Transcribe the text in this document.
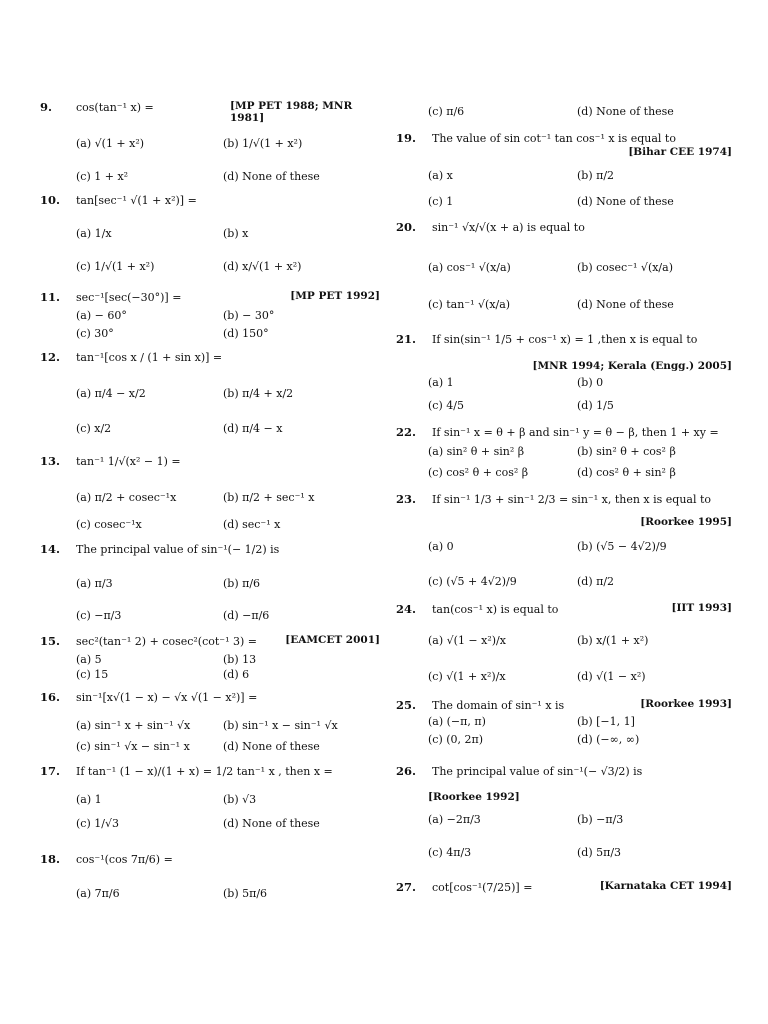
9. cos(tan⁻¹ x) =	[MP PET 1988; MNR 1981]
(a) √(1 + x²)	(b) 1/√(1 + x²)
(c) 1 + x²	(d) None of these
10. tan[sec⁻¹ √(1 + x²)] =
(a) 1/x	(b) x
(c) 1/√(1 + x²)	(d) x/√(1 + x²)
11. sec⁻¹[sec(−30°)] =	[MP PET 1992]
(a) − 60°	(b) − 30°
(c) 30°	(d) 150°
12. tan⁻¹[cos x / (1 + sin x)] =
(a) π/4 − x/2	(b) π/4 + x/2
(c) x/2	(d) π/4 − x
13. tan⁻¹ 1/√(x² − 1) =
(a) π/2 + cosec⁻¹x	(b) π/2 + sec⁻¹ x
(c) cosec⁻¹x	(d) sec⁻¹ x
14. The principal value of sin⁻¹(− 1/2) is
(a) π/3	(b) π/6
(c) −π/3	(d) −π/6
15. sec²(tan⁻¹ 2) + cosec²(cot⁻¹ 3) =	[EAMCET 2001]
(a) 5	(b) 13
(c) 15	(d) 6
16. sin⁻¹[x√(1 − x) − √x √(1 − x²)] =
(a) sin⁻¹ x + sin⁻¹ √x	(b) sin⁻¹ x − sin⁻¹ √x
(c) sin⁻¹ √x − sin⁻¹ x	(d) None of these
17. If tan⁻¹ (1 − x)/(1 + x) = 1/2 tan⁻¹ x , then x =
(a) 1	(b) √3
(c) 1/√3	(d) None of these
18. cos⁻¹(cos 7π/6) =
(a) 7π/6	(b) 5π/6
(c) π/6	(d) None of these
19. The value of sin cot⁻¹ tan cos⁻¹ x is equal to
[Bihar CEE 1974]
(a) x	(b) π/2
(c) 1	(d) None of these
20. sin⁻¹ √x/√(x + a) is equal to
(a) cos⁻¹ √(x/a)	(b) cosec⁻¹ √(x/a)
(c) tan⁻¹ √(x/a)	(d) None of these
21. If sin(sin⁻¹ 1/5 + cos⁻¹ x) = 1 ,then x is equal to
[MNR 1994; Kerala (Engg.) 2005]
(a) 1	(b) 0
(c) 4/5	(d) 1/5
22. If sin⁻¹ x = θ + β and sin⁻¹ y = θ − β, then 1 + xy =
(a) sin² θ + sin² β	(b) sin² θ + cos² β
(c) cos² θ + cos² β	(d) cos² θ + sin² β
23. If sin⁻¹ 1/3 + sin⁻¹ 2/3 = sin⁻¹ x, then x is equal to
[Roorkee 1995]
(a) 0	(b) (√5 − 4√2)/9
(c) (√5 + 4√2)/9	(d) π/2
24. tan(cos⁻¹ x) is equal to	[IIT 1993]
(a) √(1 − x²)/x	(b) x/(1 + x²)
(c) √(1 + x²)/x	(d) √(1 − x²)
25. The domain of sin⁻¹ x is	[Roorkee 1993]
(a) (−π, π)	(b) [−1, 1]
(c) (0, 2π)	(d) (−∞, ∞)
26. The principal value of sin⁻¹(− √3/2) is
[Roorkee 1992]
(a) −2π/3	(b) −π/3
(c) 4π/3	(d) 5π/3
27. cot[cos⁻¹(7/25)] =	[Karnataka CET 1994]
